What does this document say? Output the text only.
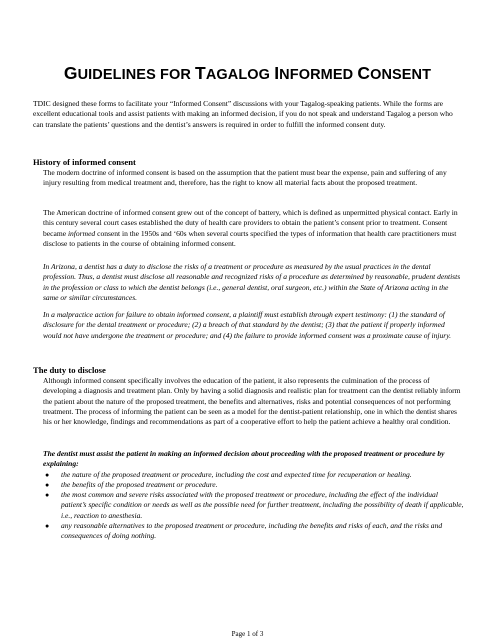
GUIDELINES FOR TAGALOG INFORMED CONSENT

TDIC designed these forms to facilitate your “Informed Consent” discussions with your Tagalog-speaking patients. While the forms are excellent educational tools and assist patients with making an informed decision, if you do not speak and understand Tagalog a person who can translate the patients’ questions and the dentist’s answers is required in order to fulfill the informed consent duty.

History of informed consent

The modern doctrine of informed consent is based on the assumption that the patient must bear the expense, pain and suffering of any injury resulting from medical treatment and, therefore, has the right to know all material facts about the proposed treatment.

The American doctrine of informed consent grew out of the concept of battery, which is defined as unpermitted physical contact. Early in this century several court cases established the duty of health care providers to obtain the patient’s consent prior to treatment. Consent became informed consent in the 1950s and ‘60s when several courts specified the types of information that health care practitioners must disclose to patients in the course of obtaining informed consent.

In Arizona, a dentist has a duty to disclose the risks of a treatment or procedure as measured by the usual practices in the dental profession. Thus, a dentist must disclose all reasonable and recognized risks of a procedure as determined by reasonable, prudent dentists in the profession or class to which the dentist belongs (i.e., general dentist, oral surgeon, etc.) within the State of Arizona acting in the same or similar circumstances.

In a malpractice action for failure to obtain informed consent, a plaintiff must establish through expert testimony: (1) the standard of disclosure for the dental treatment or procedure; (2) a breach of that standard by the dentist; (3) that the patient if properly informed would not have undergone the treatment or procedure; and (4) the failure to provide informed consent was a proximate cause of injury.

The duty to disclose

Although informed consent specifically involves the education of the patient, it also represents the culmination of the process of developing a diagnosis and treatment plan. Only by having a solid diagnosis and realistic plan for treatment can the dentist reliably inform the patient about the nature of the proposed treatment, the benefits and alternatives, risks and potential consequences of not performing treatment. The process of informing the patient can be seen as a model for the dentist-patient relationship, one in which the dentist shares his or her knowledge, findings and recommendations as part of a cooperative effort to help the patient achieve a healthy oral condition.

The dentist must assist the patient in making an informed decision about proceeding with the proposed treatment or procedure by explaining:

● the nature of the proposed treatment or procedure, including the cost and expected time for recuperation or healing.
● the benefits of the proposed treatment or procedure.
● the most common and severe risks associated with the proposed treatment or procedure, including the effect of the individual patient’s specific condition or needs as well as the possible need for further treatment, including the possibility of death if applicable, i.e., reaction to anesthesia.
● any reasonable alternatives to the proposed treatment or procedure, including the benefits and risks of each, and the risks and consequences of doing nothing.
Page 1 of 3
